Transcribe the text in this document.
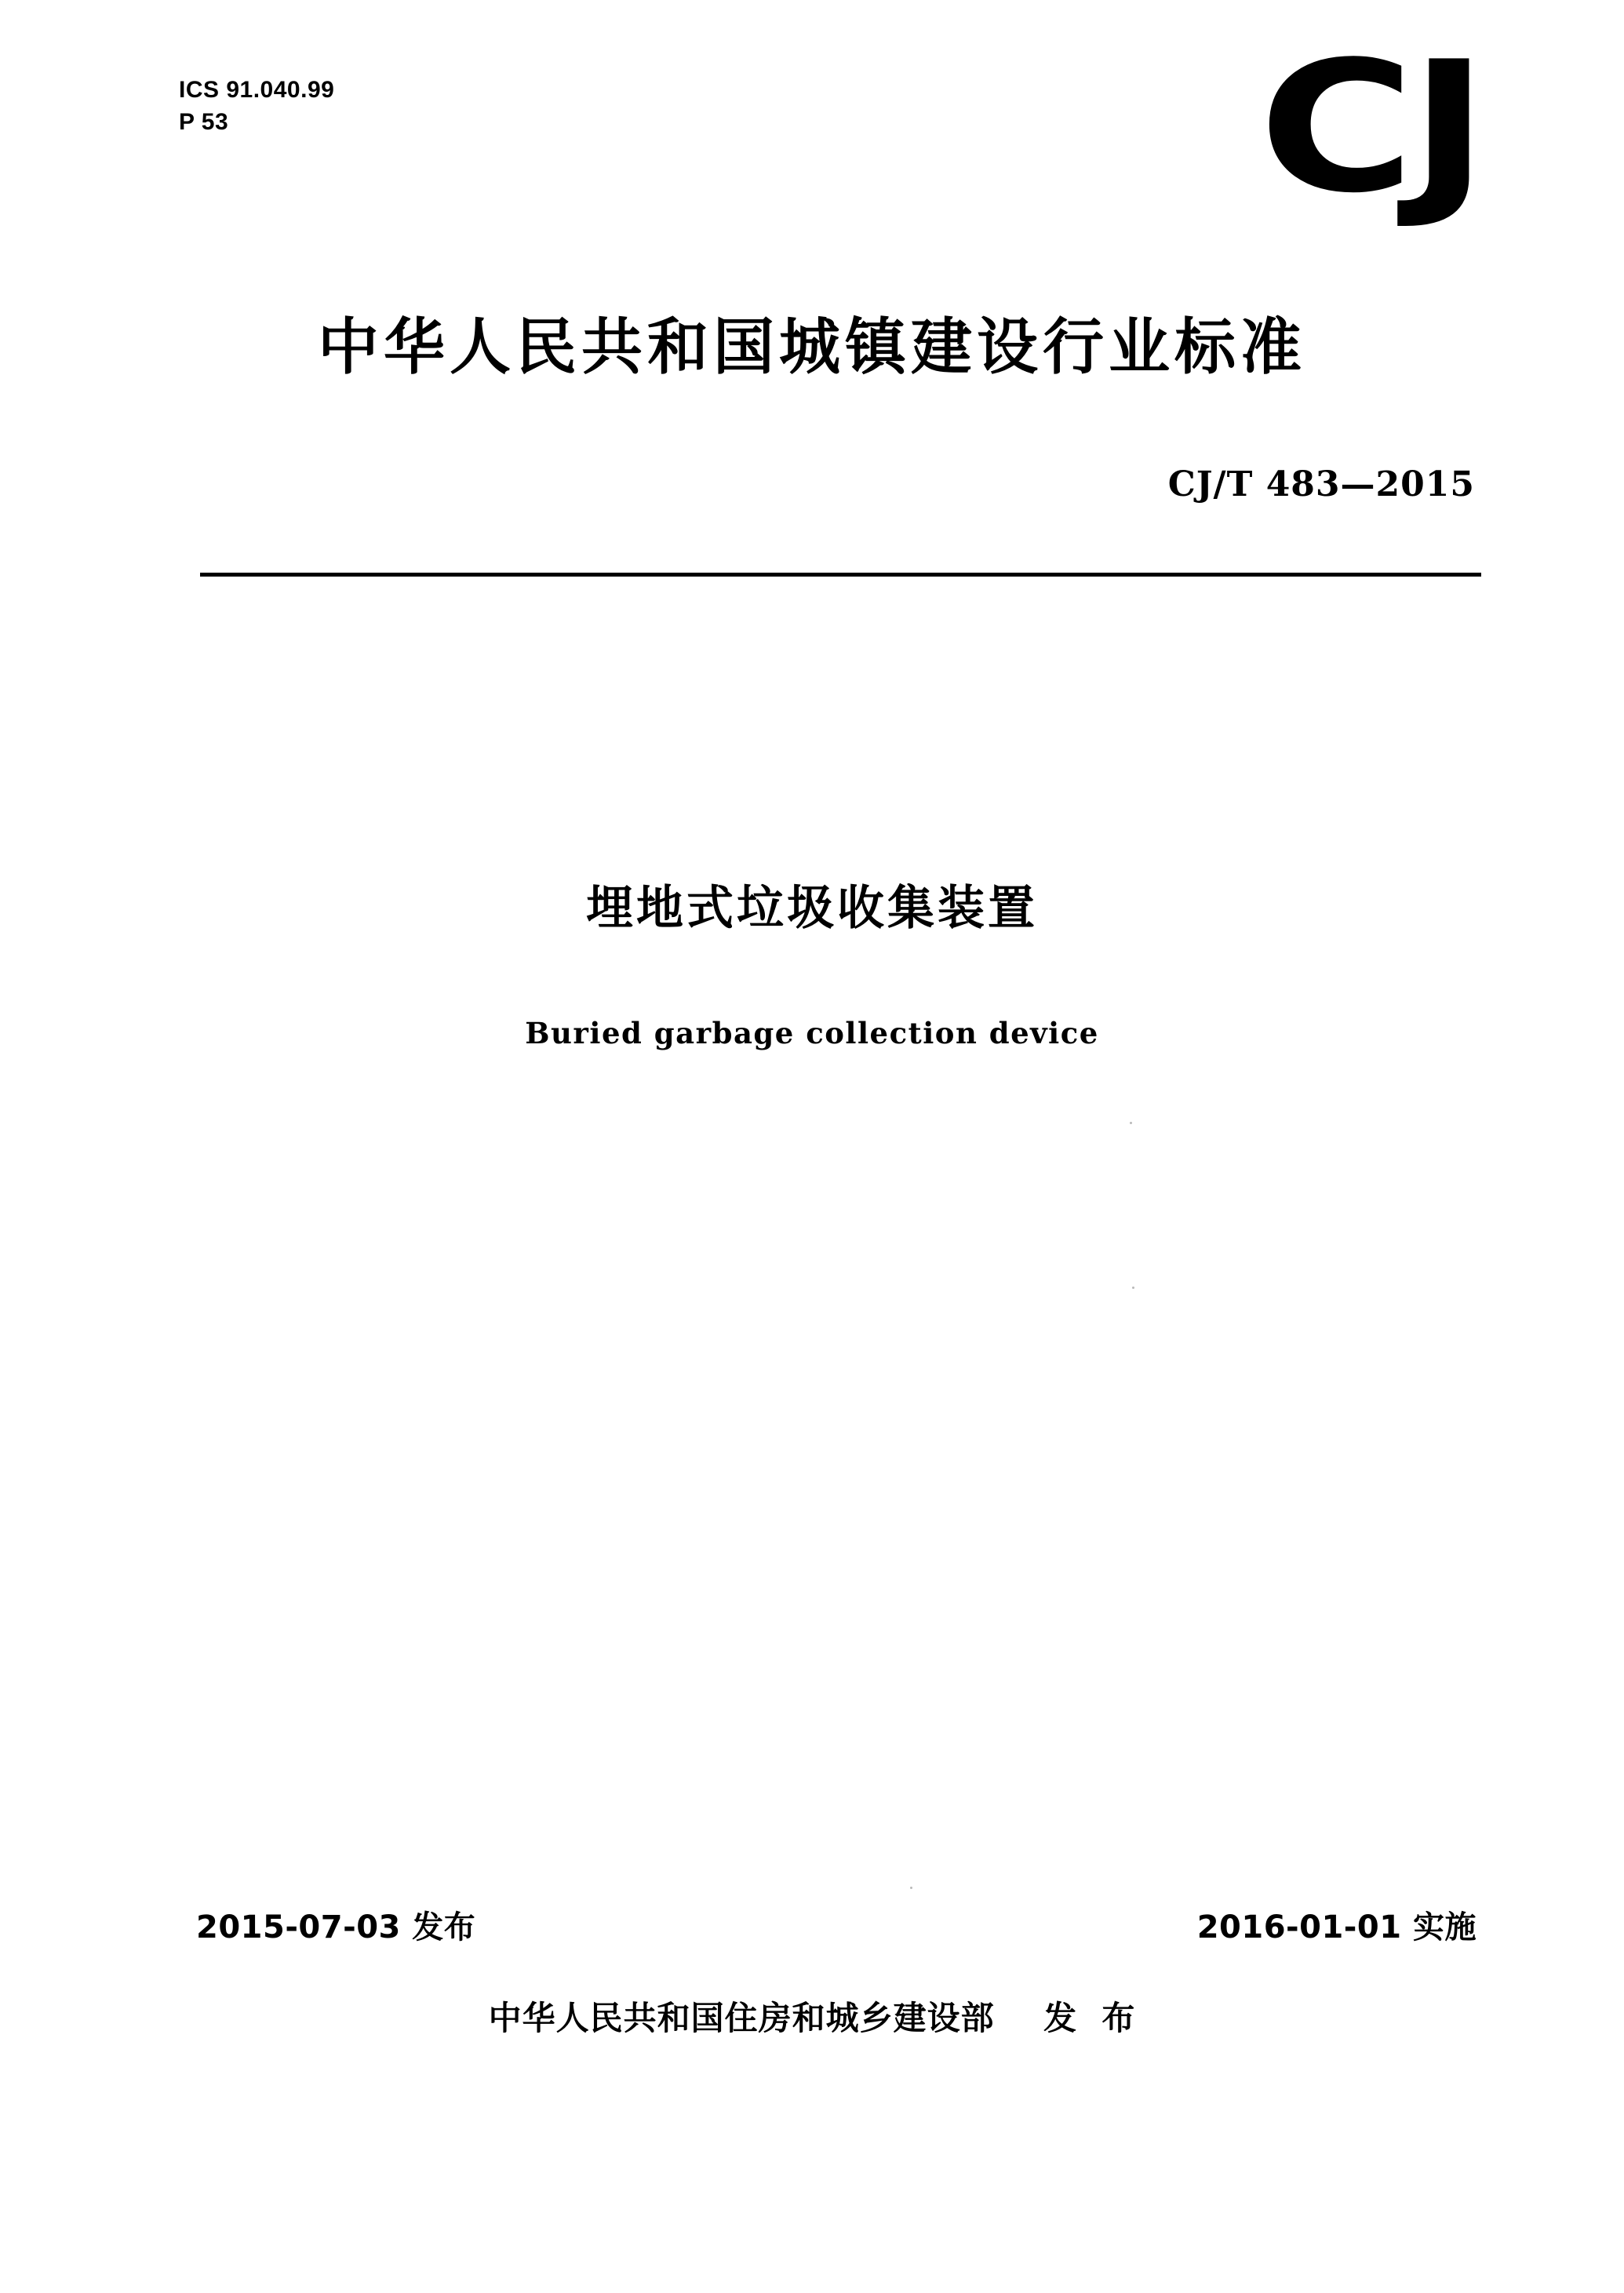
ICS 91.040.99
P 53	CJ
中华人民共和国城镇建设行业标准
CJ/T 483—2015
埋地式垃圾收集装置
Buried garbage collection device
2015-07-03 发布	2016-01-01 实施
中华人民共和国住房和城乡建设部    发  布
